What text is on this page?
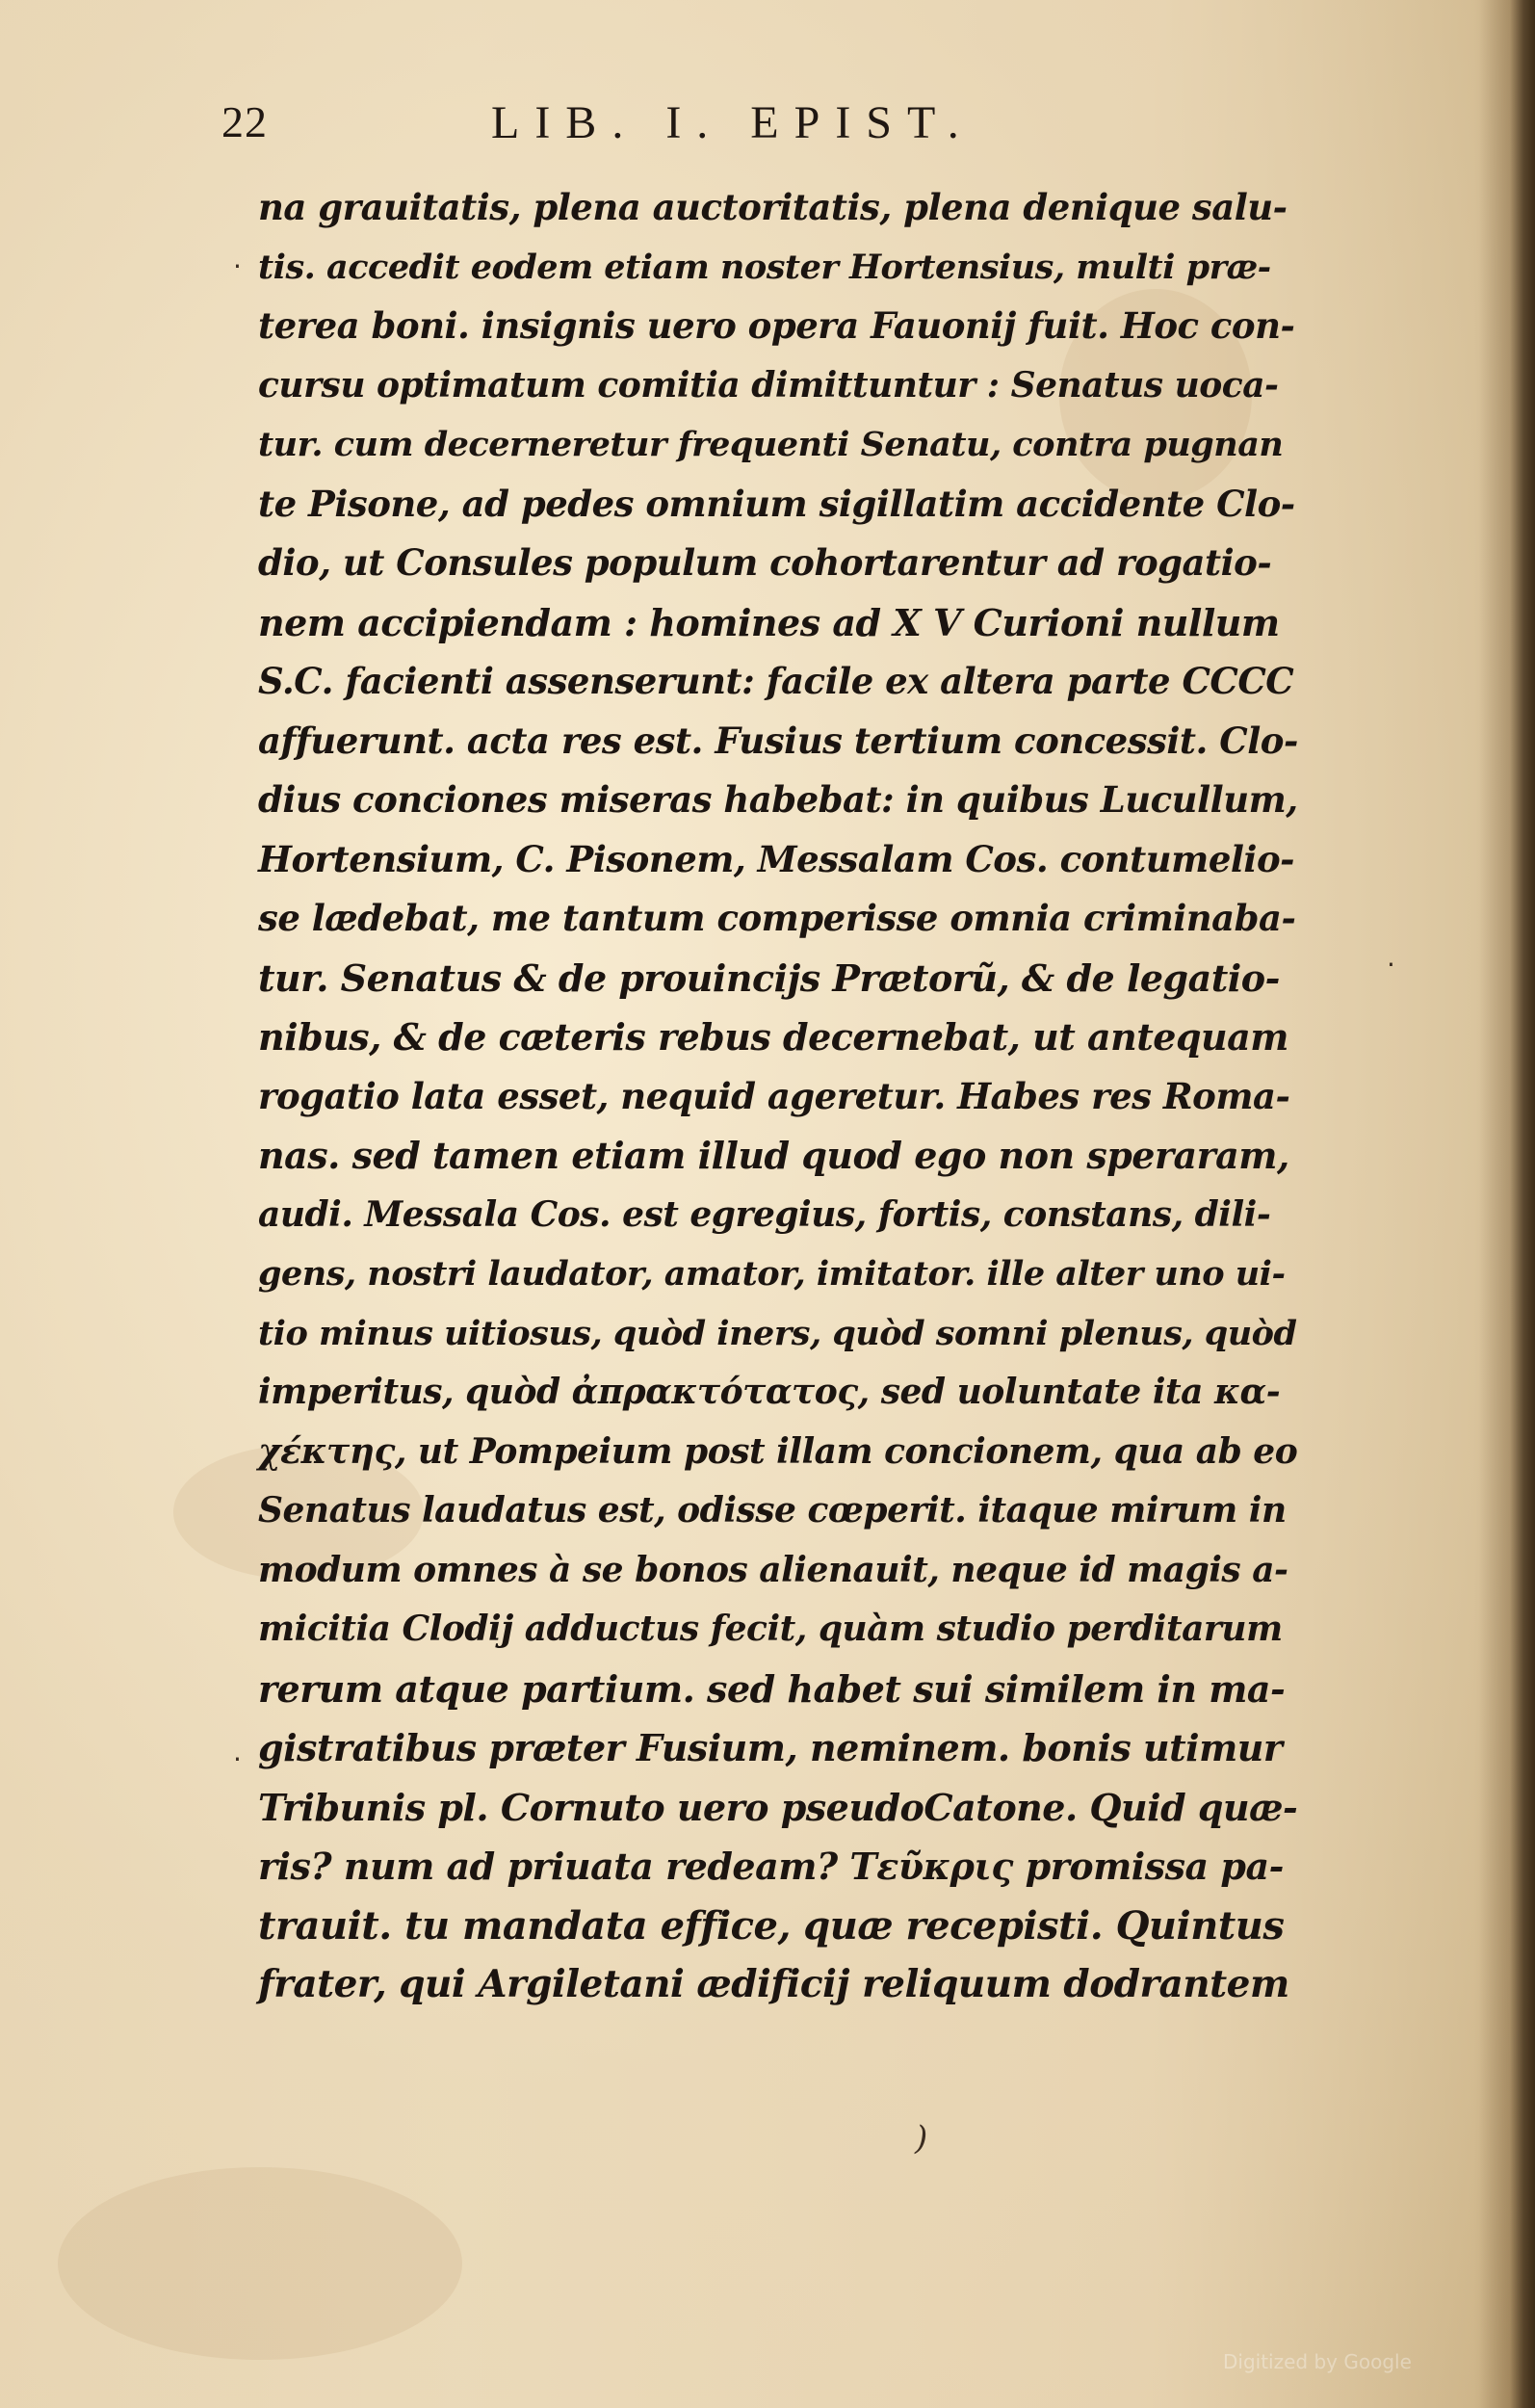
22	LIB. I. EPIST.
na grauitatis, plena auctoritatis, plena denique salu-
tis. accedit eodem etiam noster Hortensius, multi præ-
terea boni. insignis uero opera Fauonij fuit. Hoc con-
cursu optimatum comitia dimittuntur : Senatus uoca-
tur. cum decerneretur frequenti Senatu, contra pugnan
te Pisone, ad pedes omnium sigillatim accidente Clo-
dio, ut Consules populum cohortarentur ad rogatio-
nem accipiendam : homines ad X V Curioni nullum
S.C. facienti assenserunt: facile ex altera parte CCCC
affuerunt. acta res est. Fusius tertium concessit. Clo-
dius conciones miseras habebat: in quibus Lucullum,
Hortensium, C. Pisonem, Messalam Cos. contumelio-
se lædebat, me tantum comperisse omnia criminaba-
tur. Senatus & de prouincijs Prætorũ, & de legatio-
nibus, & de cæteris rebus decernebat, ut antequam
rogatio lata esset, nequid ageretur. Habes res Roma-
nas. sed tamen etiam illud quod ego non speraram,
audi. Messala Cos. est egregius, fortis, constans, dili-
gens, nostri laudator, amator, imitator. ille alter uno ui-
tio minus uitiosus, quòd iners, quòd somni plenus, quòd
imperitus, quòd ἀπρακτότατος, sed uoluntate ita κα-
χέκτης, ut Pompeium post illam concionem, qua ab eo
Senatus laudatus est, odisse cœperit. itaque mirum in
modum omnes à se bonos alienauit, neque id magis a-
micitia Clodij adductus fecit, quàm studio perditarum
rerum atque partium. sed habet sui similem in ma-
gistratibus præter Fusium, neminem. bonis utimur
Tribunis pl. Cornuto uero pseudoCatone. Quid quæ-
ris? num ad priuata redeam? Τεῦκρις promissa pa-
trauit. tu mandata effice, quæ recepisti. Quintus
frater, qui Argiletani ædificij reliquum dodrantem
·
·
·
)
Digitized by Google
